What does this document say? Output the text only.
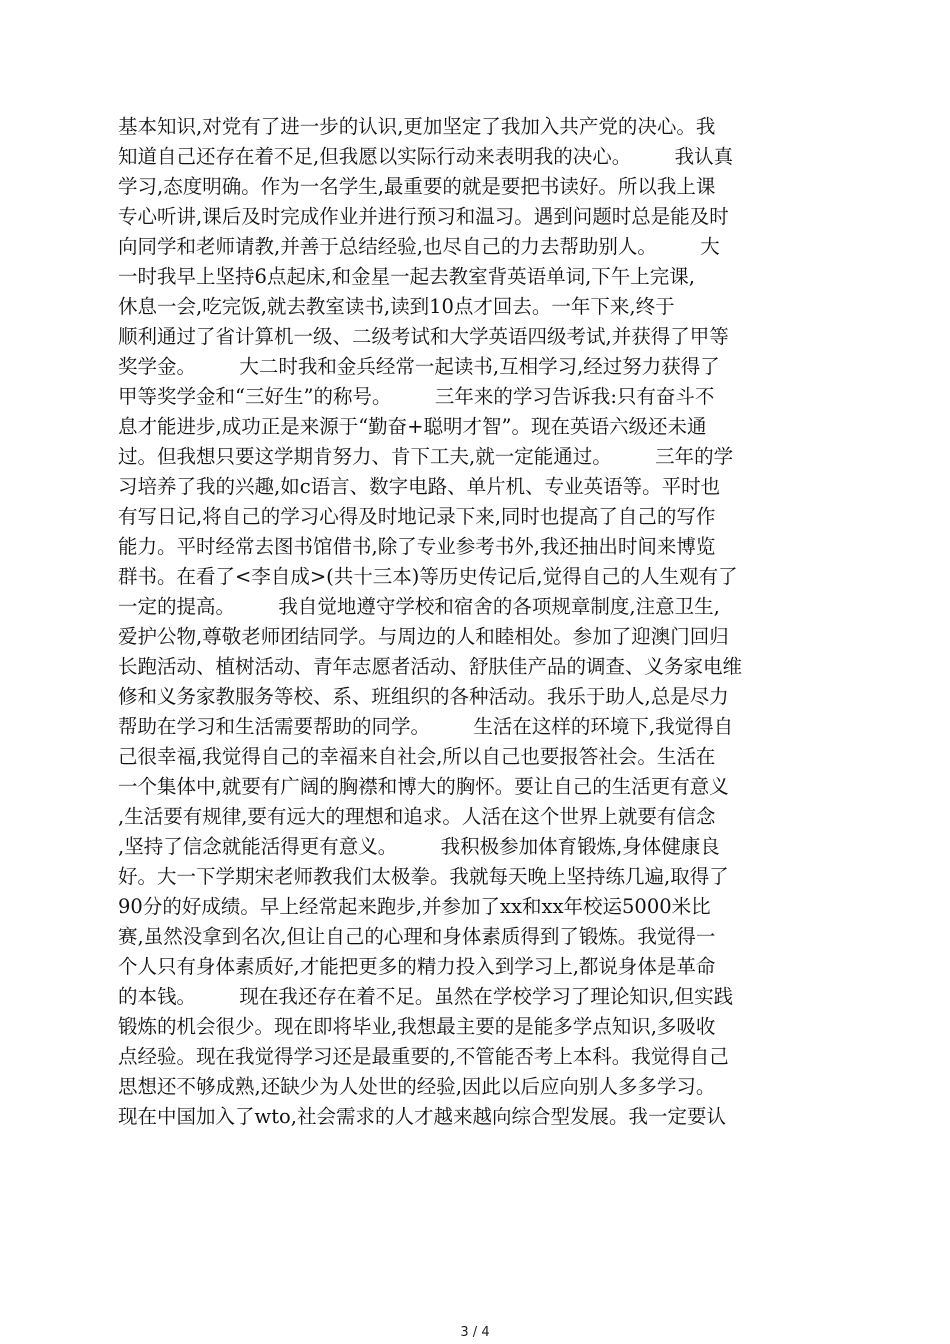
基本知识,对党有了进一步的认识,更加坚定了我加入共产党的决心。我
知道自己还存在着不足,但我愿以实际行动来表明我的决心。       我认真
学习,态度明确。作为一名学生,最重要的就是要把书读好。所以我上课
专心听讲,课后及时完成作业并进行预习和温习。遇到问题时总是能及时
向同学和老师请教,并善于总结经验,也尽自己的力去帮助别人。       大
一时我早上坚持6点起床,和金星一起去教室背英语单词,下午上完课,
休息一会,吃完饭,就去教室读书,读到10点才回去。一年下来,终于
顺利通过了省计算机一级、二级考试和大学英语四级考试,并获得了甲等
奖学金。       大二时我和金兵经常一起读书,互相学习,经过努力获得了
甲等奖学金和“三好生”的称号。       三年来的学习告诉我:只有奋斗不
息才能进步,成功正是来源于“勤奋+聪明才智”。现在英语六级还未通
过。但我想只要这学期肯努力、肯下工夫,就一定能通过。       三年的学
习培养了我的兴趣,如c语言、数字电路、单片机、专业英语等。平时也
有写日记,将自己的学习心得及时地记录下来,同时也提高了自己的写作
能力。平时经常去图书馆借书,除了专业参考书外,我还抽出时间来博览
群书。在看了<李自成>(共十三本)等历史传记后,觉得自己的人生观有了
一定的提高。       我自觉地遵守学校和宿舍的各项规章制度,注意卫生,
爱护公物,尊敬老师团结同学。与周边的人和睦相处。参加了迎澳门回归
长跑活动、植树活动、青年志愿者活动、舒肤佳产品的调查、义务家电维
修和义务家教服务等校、系、班组织的各种活动。我乐于助人,总是尽力
帮助在学习和生活需要帮助的同学。       生活在这样的环境下,我觉得自
己很幸福,我觉得自己的幸福来自社会,所以自己也要报答社会。生活在
一个集体中,就要有广阔的胸襟和博大的胸怀。要让自己的生活更有意义
,生活要有规律,要有远大的理想和追求。人活在这个世界上就要有信念
,坚持了信念就能活得更有意义。       我积极参加体育锻炼,身体健康良
好。大一下学期宋老师教我们太极拳。我就每天晚上坚持练几遍,取得了
90分的好成绩。早上经常起来跑步,并参加了xx和xx年校运5000米比
赛,虽然没拿到名次,但让自己的心理和身体素质得到了锻炼。我觉得一
个人只有身体素质好,才能把更多的精力投入到学习上,都说身体是革命
的本钱。       现在我还存在着不足。虽然在学校学习了理论知识,但实践
锻炼的机会很少。现在即将毕业,我想最主要的是能多学点知识,多吸收
点经验。现在我觉得学习还是最重要的,不管能否考上本科。我觉得自己
思想还不够成熟,还缺少为人处世的经验,因此以后应向别人多多学习。
现在中国加入了wto,社会需求的人才越来越向综合型发展。我一定要认
3 / 4
